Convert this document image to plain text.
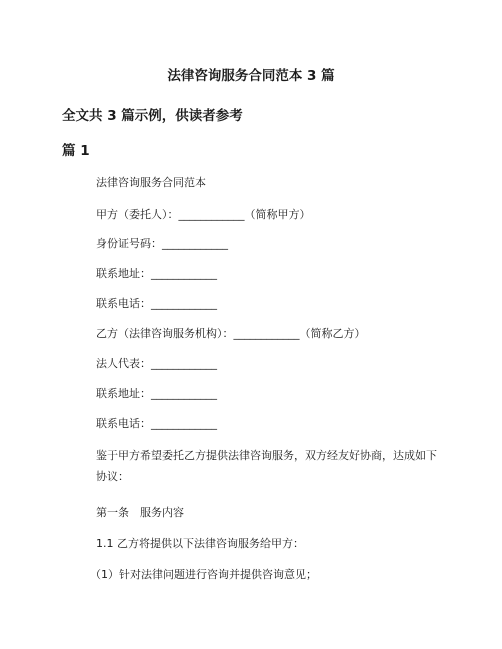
法律咨询服务合同范本 3 篇
全文共 3 篇示例，供读者参考
篇 1

法律咨询服务合同范本

甲方（委托人）：____________（简称甲方）

身份证号码：____________

联系地址：____________

联系电话：____________

乙方（法律咨询服务机构）：____________（简称乙方）

法人代表：____________

联系地址：____________

联系电话：____________

鉴于甲方希望委托乙方提供法律咨询服务，双方经友好协商，达成如下协议：

第一条　服务内容

1.1 乙方将提供以下法律咨询服务给甲方：

（1）针对法律问题进行咨询并提供咨询意见；
